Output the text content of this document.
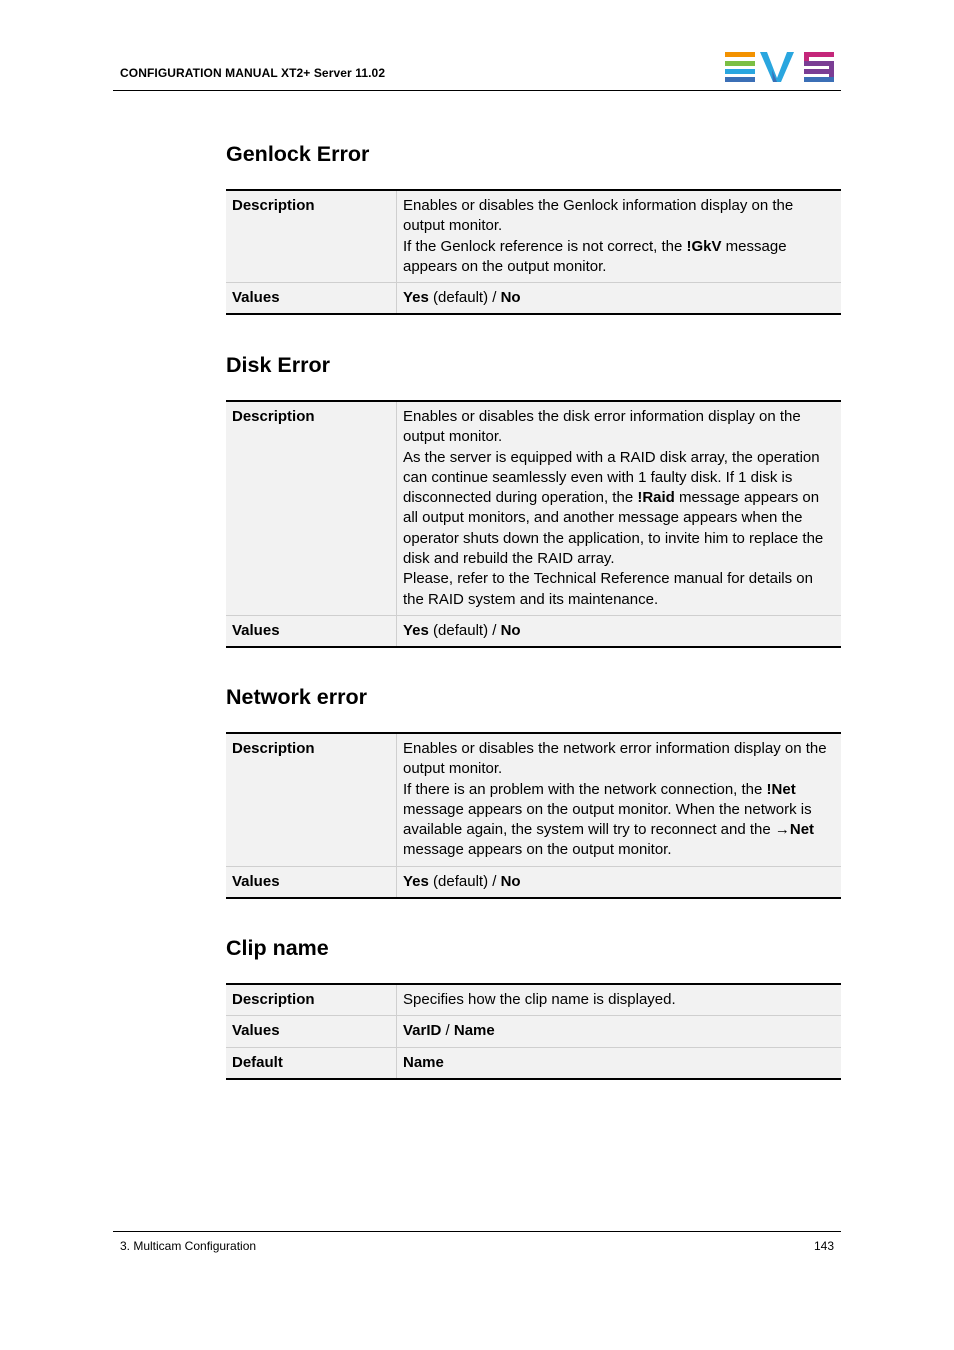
CONFIGURATION MANUAL XT2+ Server 11.02
Genlock Error
Description	Enables or disables the Genlock information display on the output monitor.

If the Genlock reference is not correct, the !GkV message appears on the output monitor.

Values	Yes (default) / No
Disk Error
Description	Enables or disables the disk error information display on the output monitor.

As the server is equipped with a RAID disk array, the operation can continue seamlessly even with 1 faulty disk. If 1 disk is disconnected during operation, the !Raid message appears on all output monitors, and another message appears when the operator shuts down the application, to invite him to replace the disk and rebuild the RAID array.

Please, refer to the Technical Reference manual for details on the RAID system and its maintenance.

Values	Yes (default) / No
Network error
Description	Enables or disables the network error information display on the output monitor.

If there is an problem with the network connection, the !Net message appears on the output monitor. When the network is available again, the system will try to reconnect and the →Net message appears on the output monitor.

Values	Yes (default) / No
Clip name
Description	Specifies how the clip name is displayed.
Values	VarID / Name
Default	Name
3. Multicam Configuration	143
